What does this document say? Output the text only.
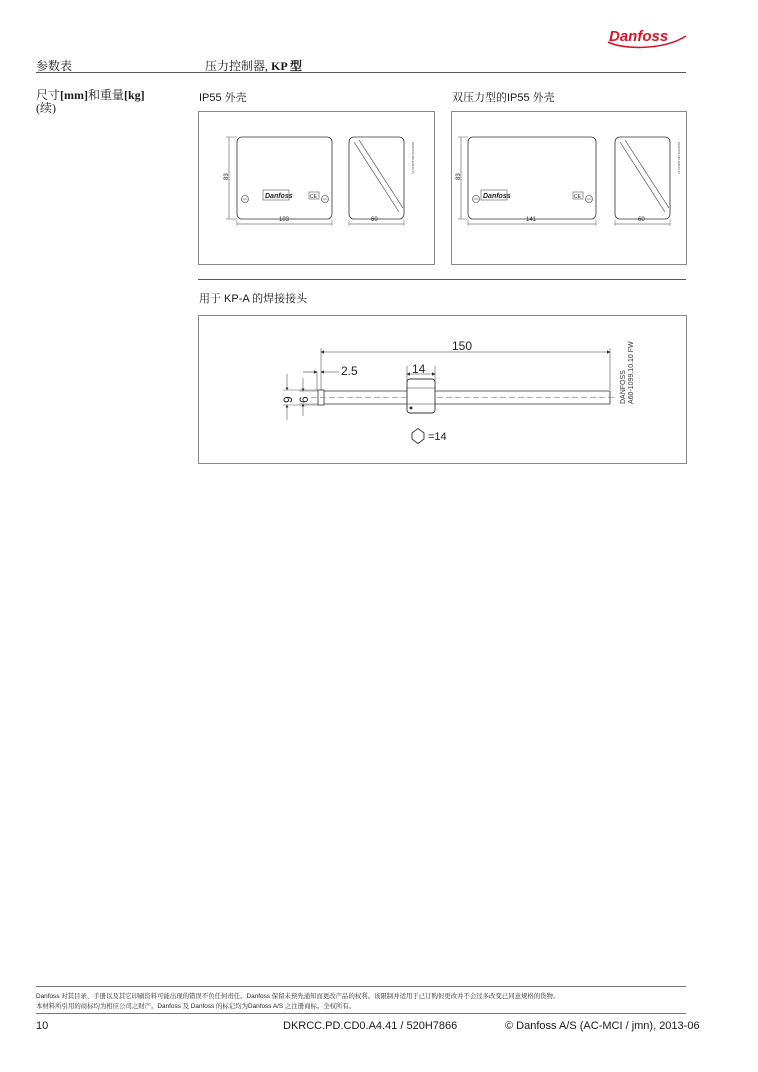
Danfoss
参数表	压力控制器, KP 型
尺寸[mm]和重量[kg]
(续)
IP55 外壳	双压力型的IP55 外壳
Danfoss	CE
83
103
DANFOSS A60-1234.10 12
60
Danfoss	CE
83
141
DANFOSS A60-1235.10 12
60
用于 KP-A 的焊接接头
150
2.5	14
9 6
=14
DANFOSS A60-1099.10.10 FW
Danfoss 对其目录、手册以及其它印刷资料可能出现的错误不负任何责任。Danfoss 保留未预先通知而更改产品的权利。该限制并适用于已订购但更改并不会过多改变已同意规格的货物。
本材料所引用的商标均为相应公司之财产。Danfoss 及 Danfoss 的标记均为Danfoss A/S 之注册商标。全权所有。
10	DKRCC.PD.CD0.A4.41 / 520H7866	© Danfoss A/S (AC-MCI / jmn), 2013-06
